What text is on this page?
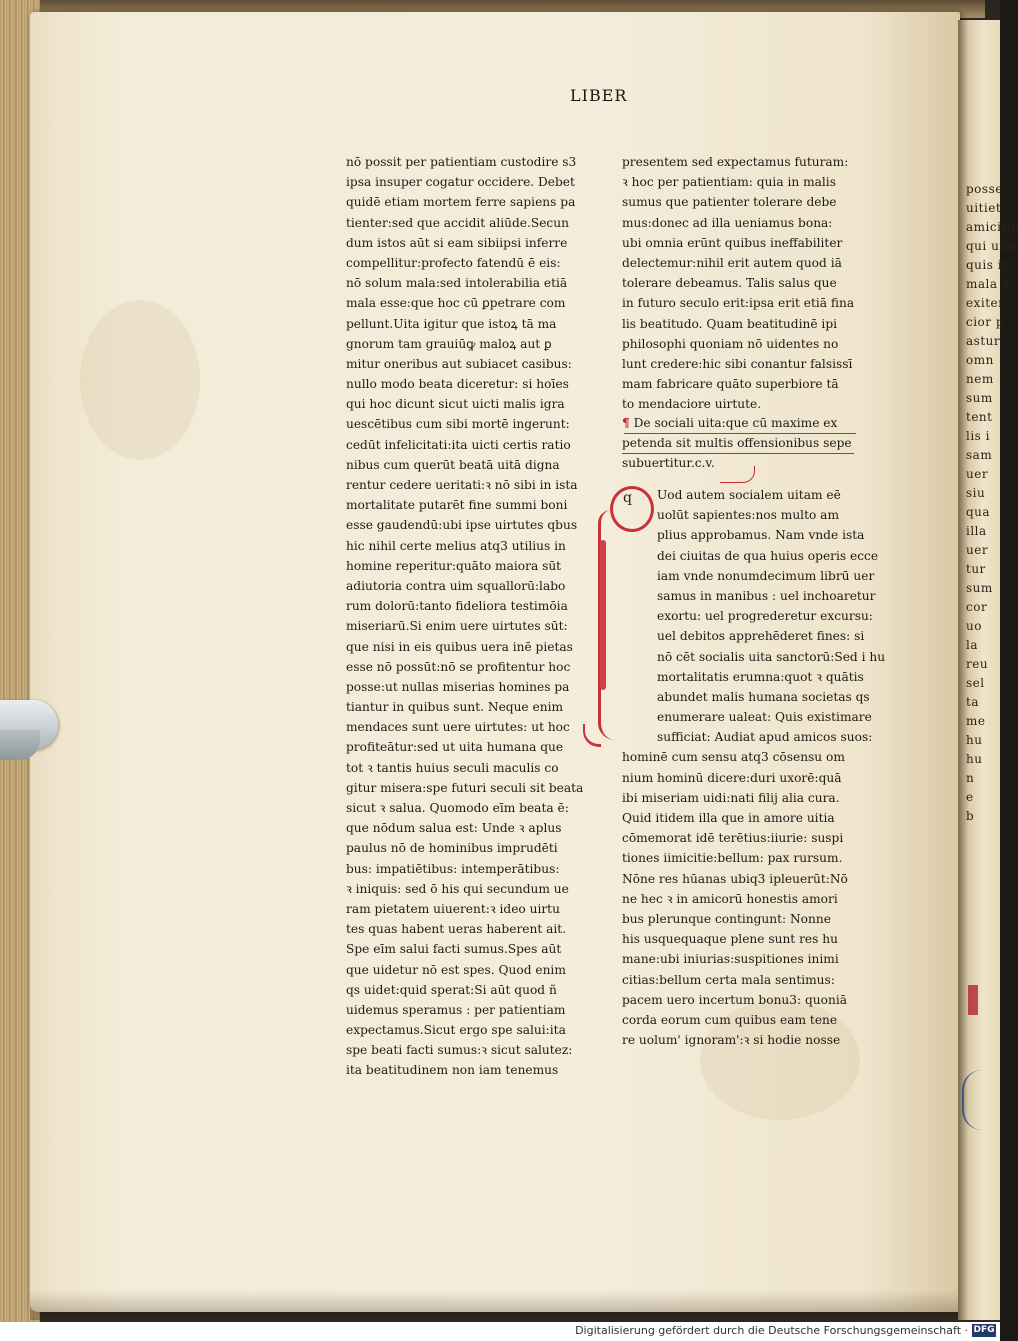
posse
uitiet
amicitic
qui una
quis in
mala e
exiter
cior p
astur
omn
nem
sum
tent
lis i
sam
uer
siu
qua
illa
uer
tur
sum
cor
uo
la
reu
sel
ta
me
hu
hu
n
e
b
LIBER
nō possit per patientiam custodire s3
ipsa insuper cogatur occidere. Debet
quidē etiam mortem ferre sapiens pa
tienter:sed que accidit aliūde.Secun
dum istos aūt si eam sibiipsi inferre
compellitur:profecto fatendū ē eis:
nō solum mala:sed intolerabilia etiā
mala esse:que hoc cū ꝑpetrare com
pellunt.Uita igitur que istoꝝ tā ma
gnorum tam grauiūꝙ maloꝝ aut ꝑ
mitur oneribus aut subiacet casibus:
nullo modo beata diceretur: si hoīes
qui hoc dicunt sicut uicti malis igra
uescētibus cum sibi mortē ingerunt:
cedūt infelicitati:ita uicti certis ratio
nibus cum querūt beatā uitā digna
rentur cedere ueritati:ꝛ nō sibi in ista
mortalitate putarēt fine summi boni
esse gaudendū:ubi ipse uirtutes qbus
hic nihil certe melius atq3 utilius in
homine reperitur:quāto maiora sūt
adiutoria contra uim squallorū:labo
rum dolorū:tanto fideliora testimōia
miseriarū.Si enim uere uirtutes sūt:
que nisi in eis quibus uera inē pietas
esse nō possūt:nō se profitentur hoc
posse:ut nullas miserias homines pa
tiantur in quibus sunt. Neque enim
mendaces sunt uere uirtutes: ut hoc
profiteātur:sed ut uita humana que
tot ꝛ tantis huius seculi maculis co
gitur misera:spe futuri seculi sit beata
sicut ꝛ salua. Quomodo eīm beata ē:
que nōdum salua est: Unde ꝛ aplus
paulus nō de hominibus imprudēti
bus: impatiētibus: intemperātibus:
ꝛ iniquis: sed ō his qui secundum ue
ram pietatem uiuerent:ꝛ ideo uirtu
tes quas habent ueras haberent ait.
Spe eīm salui facti sumus.Spes aūt
que uidetur nō est spes. Quod enim
qs uidet:quid sperat:Si aūt quod ñ
uidemus speramus : per patientiam
expectamus.Sicut ergo spe salui:ita
spe beati facti sumus:ꝛ sicut salutez:
ita beatitudinem non iam tenemus
presentem sed expectamus futuram:
ꝛ hoc per patientiam: quia in malis
sumus que patienter tolerare debe
mus:donec ad illa ueniamus bona:
ubi omnia erūnt quibus ineffabiliter
delectemur:nihil erit autem quod iā
tolerare debeamus. Talis salus que
in futuro seculo erit:ipsa erit etiā fina
lis beatitudo. Quam beatitudinē ipi
philosophi quoniam nō uidentes no
lunt credere:hic sibi conantur falsissī
mam fabricare quāto superbiore tā
to mendaciore uirtute.
¶ De sociali uita:que cū maxime ex
petenda sit multis offensionibus sepe
subuertitur.c.v.
q Uod autem socialem uitam eē
uolūt sapientes:nos multo am
plius approbamus. Nam vnde ista
dei ciuitas de qua huius operis ecce
iam vnde nonumdecimum librū uer
samus in manibus : uel inchoaretur
exortu: uel progrederetur excursu:
uel debitos apprehēderet fines: si
nō cēt socialis uita sanctorū:Sed i hu
mortalitatis erumna:quot ꝛ quātis
abundet malis humana societas qs
enumerare ualeat: Quis existimare
sufficiat: Audiat apud amicos suos:
hominē cum sensu atq3 cōsensu om
nium hominū dicere:duri uxorē:quā
ibi miseriam uidi:nati filij alia cura.
Quid itidem illa que in amore uitia
cōmemorat idē terētius:iiurie: suspi
tiones iimicitie:bellum: pax rursum.
Nōne res hūanas ubiq3 ipleuerūt:Nō
ne hec ꝛ in amicorū honestis amori
bus plerunque contingunt: Nonne
his usquequaque plene sunt res hu
mane:ubi iniurias:suspitiones inimi
citias:bellum certa mala sentimus:
pacem uero incertum bonu3: quoniā
corda eorum cum quibus eam tene
re uolum' ignoram':ꝛ si hodie nosse
Digitalisierung gefördert durch die Deutsche Forschungsgemeinschaft · DFG
